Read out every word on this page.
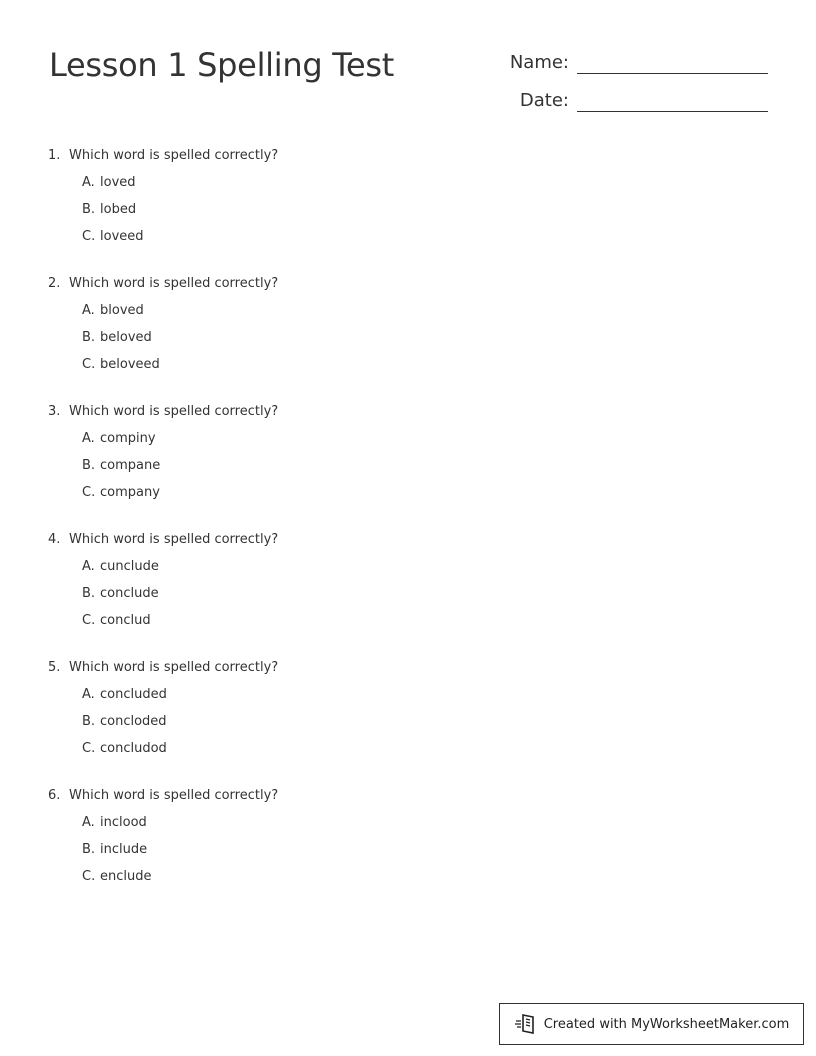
Lesson 1 Spelling Test	Name:
Date:
1. Which word is spelled correctly?
A. loved
B. lobed
C. loveed
2. Which word is spelled correctly?
A. bloved
B. beloved
C. beloveed
3. Which word is spelled correctly?
A. compiny
B. compane
C. company
4. Which word is spelled correctly?
A. cunclude
B. conclude
C. conclud
5. Which word is spelled correctly?
A. concluded
B. concloded
C. concludod
6. Which word is spelled correctly?
A. inclood
B. include
C. enclude
Created with MyWorksheetMaker.com
